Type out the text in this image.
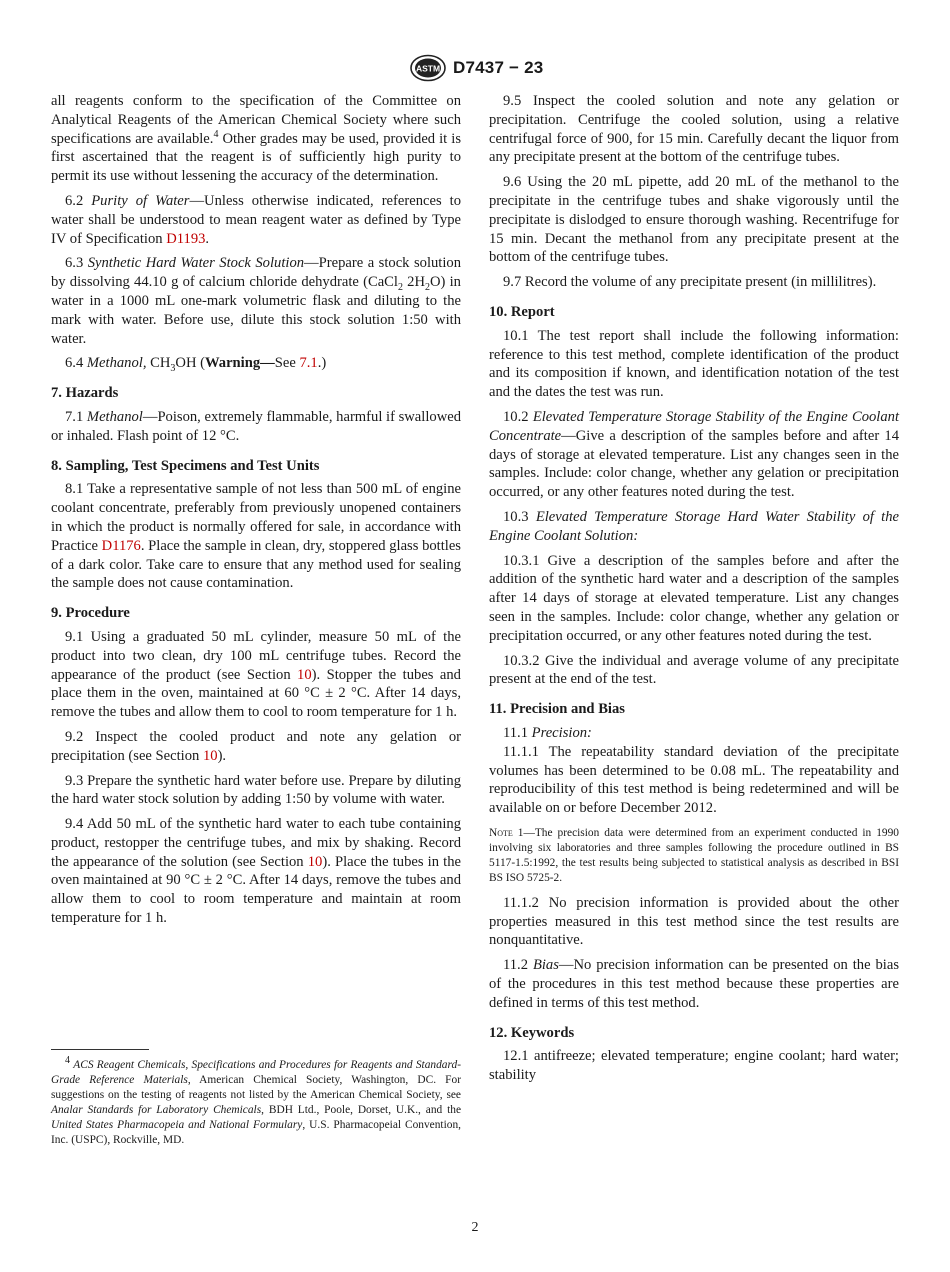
ASTM D7437 − 23

all reagents conform to the specification of the Committee on Analytical Reagents of the American Chemical Society where such specifications are available.$^4$ Other grades may be used, provided it is first ascertained that the reagent is of sufficiently high purity to permit its use without lessening the accuracy of the determination.

6.2 Purity of Water—Unless otherwise indicated, references to water shall be understood to mean reagent water as defined by Type IV of Specification D1193.

6.3 Synthetic Hard Water Stock Solution—Prepare a stock solution by dissolving 44.10 g of calcium chloride dehydrate (CaCl$_2$ $2H_2O$) in water in a 1000 mL one-mark volumetric flask and diluting to the mark with water. Before use, dilute this stock solution 1:50 with water.

6.4 Methanol, $CH_3OH$ (Warning—See 7.1.)

7. Hazards

7.1 Methanol—Poison, extremely flammable, harmful if swallowed or inhaled. Flash point of 12 °C.

8. Sampling, Test Specimens and Test Units

8.1 Take a representative sample of not less than 500 mL of engine coolant concentrate, preferably from previously unopened containers in which the product is normally offered for sale, in accordance with Practice D1176. Place the sample in clean, dry, stoppered glass bottles of a dark color. Take care to ensure that any method used for sealing the sample does not cause contamination.

9. Procedure

9.1 Using a graduated 50 mL cylinder, measure 50 mL of the product into two clean, dry 100 mL centrifuge tubes. Record the appearance of the product (see Section 10). Stopper the tubes and place them in the oven, maintained at 60 °C ± 2 °C. After 14 days, remove the tubes and allow them to cool to room temperature for 1 h.

9.2 Inspect the cooled product and note any gelation or precipitation (see Section 10).

9.3 Prepare the synthetic hard water before use. Prepare by diluting the hard water stock solution by adding 1:50 by volume with water.

9.4 Add 50 mL of the synthetic hard water to each tube containing product, restopper the centrifuge tubes, and mix by shaking. Record the appearance of the solution (see Section 10). Place the tubes in the oven maintained at 90 °C ± 2 °C. After 14 days, remove the tubes and allow them to cool to room temperature and maintain at room temperature for 1 h.

$^4$ ACS Reagent Chemicals, Specifications and Procedures for Reagents and Standard-Grade Reference Materials, American Chemical Society, Washington, DC. For suggestions on the testing of reagents not listed by the American Chemical Society, see Analar Standards for Laboratory Chemicals, BDH Ltd., Poole, Dorset, U.K., and the United States Pharmacopeia and National Formulary, U.S. Pharmacopeial Convention, Inc. (USPC), Rockville, MD.

9.5 Inspect the cooled solution and note any gelation or precipitation. Centrifuge the cooled solution, using a relative centrifugal force of 900, for 15 min. Carefully decant the liquor from any precipitate present at the bottom of the centrifuge tubes.

9.6 Using the 20 mL pipette, add 20 mL of the methanol to the precipitate in the centrifuge tubes and shake vigorously until the precipitate is dislodged to ensure thorough washing. Recentrifuge for 15 min. Decant the methanol from any precipitate present at the bottom of the centrifuge tubes.

9.7 Record the volume of any precipitate present (in millilitres).

10. Report

10.1 The test report shall include the following information: reference to this test method, complete identification of the product and its composition if known, and identification notation of the test and the dates the test was run.

10.2 Elevated Temperature Storage Stability of the Engine Coolant Concentrate—Give a description of the samples before and after 14 days of storage at elevated temperature. List any changes seen in the samples. Include: color change, whether any gelation or precipitation occurred, or any other features noted during the test.

10.3 Elevated Temperature Storage Hard Water Stability of the Engine Coolant Solution:

10.3.1 Give a description of the samples before and after the addition of the synthetic hard water and a description of the samples after 14 days of storage at elevated temperature. List any changes seen in the samples. Include: color change, whether any gelation or precipitation occurred, or any other features noted during the test.

10.3.2 Give the individual and average volume of any precipitate present at the end of the test.

11. Precision and Bias

11.1 Precision:

11.1.1 The repeatability standard deviation of the precipitate volumes has been determined to be 0.08 mL. The repeatability and reproducibility of this test method is being redetermined and will be available on or before December 2012.

Note 1—The precision data were determined from an experiment conducted in 1990 involving six laboratories and three samples following the procedure outlined in BS 5117-1.5:1992, the test results being subjected to statistical analysis as described in BSI BS ISO 5725-2.

11.1.2 No precision information is provided about the other properties measured in this test method since the test results are nonquantitative.

11.2 Bias—No precision information can be presented on the bias of the procedures in this test method because these properties are defined in terms of this test method.

12. Keywords

12.1 antifreeze; elevated temperature; engine coolant; hard water; stability

2
